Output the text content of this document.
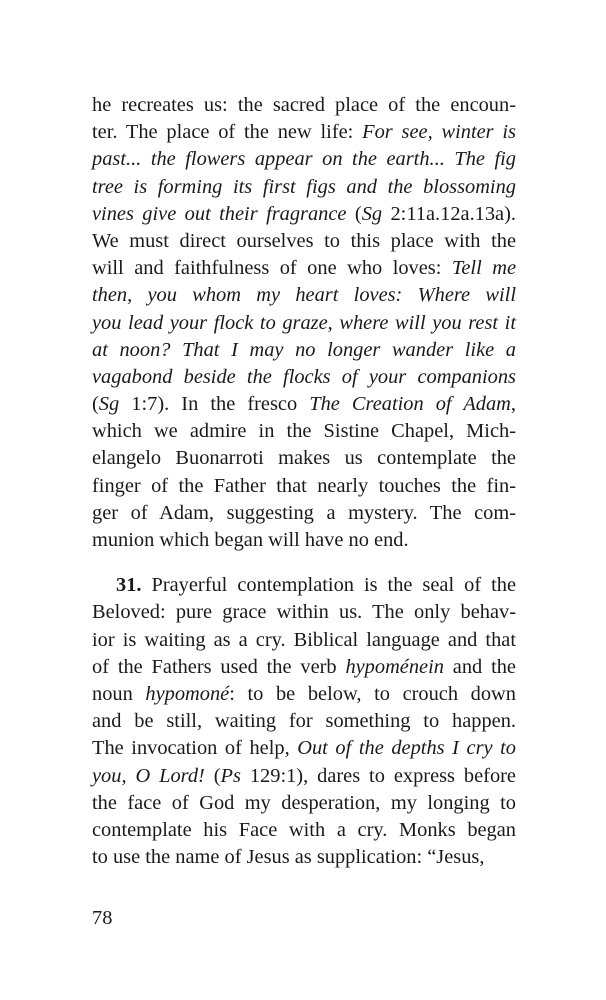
he recreates us: the sacred place of the encoun-
ter. The place of the new life: For see, winter is
past... the flowers appear on the earth... The fig
tree is forming its first figs and the blossoming
vines give out their fragrance (Sg 2:11a.12a.13a).
We must direct ourselves to this place with the
will and faithfulness of one who loves: Tell me
then, you whom my heart loves: Where will
you lead your flock to graze, where will you rest it
at noon? That I may no longer wander like a
vagabond beside the flocks of your companions
(Sg 1:7). In the fresco The Creation of Adam,
which we admire in the Sistine Chapel, Mich-
elangelo Buonarroti makes us contemplate the
finger of the Father that nearly touches the fin-
ger of Adam, suggesting a mystery. The com-
munion which began will have no end.
31. Prayerful contemplation is the seal of the
Beloved: pure grace within us. The only behav-
ior is waiting as a cry. Biblical language and that
of the Fathers used the verb hypoménein and the
noun hypomoné: to be below, to crouch down
and be still, waiting for something to happen.
The invocation of help, Out of the depths I cry to
you, O Lord! (Ps 129:1), dares to express before
the face of God my desperation, my longing to
contemplate his Face with a cry. Monks began
to use the name of Jesus as supplication: “Jesus,
78
